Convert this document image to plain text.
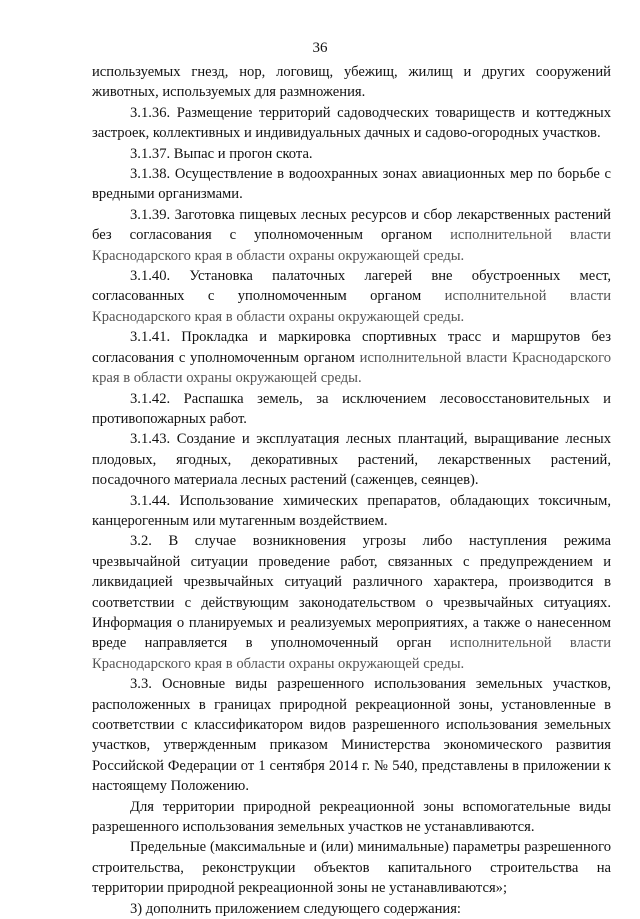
36

используемых гнезд, нор, логовищ, убежищ, жилищ и других сооружений животных, используемых для размножения.

3.1.36. Размещение территорий садоводческих товариществ и коттеджных застроек, коллективных и индивидуальных дачных и садово-огородных участков.

3.1.37. Выпас и прогон скота.

3.1.38. Осуществление в водоохранных зонах авиационных мер по борьбе с вредными организмами.

3.1.39. Заготовка пищевых лесных ресурсов и сбор лекарственных растений без согласования с уполномоченным органом исполнительной власти Краснодарского края в области охраны окружающей среды.

3.1.40. Установка палаточных лагерей вне обустроенных мест, согласованных с уполномоченным органом исполнительной власти Краснодарского края в области охраны окружающей среды.

3.1.41. Прокладка и маркировка спортивных трасс и маршрутов без согласования с уполномоченным органом исполнительной власти Краснодарского края в области охраны окружающей среды.

3.1.42. Распашка земель, за исключением лесовосстановительных и противопожарных работ.

3.1.43. Создание и эксплуатация лесных плантаций, выращивание лесных плодовых, ягодных, декоративных растений, лекарственных растений, посадочного материала лесных растений (саженцев, сеянцев).

3.1.44. Использование химических препаратов, обладающих токсичным, канцерогенным или мутагенным воздействием.

3.2. В случае возникновения угрозы либо наступления режима чрезвычайной ситуации проведение работ, связанных с предупреждением и ликвидацией чрезвычайных ситуаций различного характера, производится в соответствии с действующим законодательством о чрезвычайных ситуациях. Информация о планируемых и реализуемых мероприятиях, а также о нанесенном вреде направляется в уполномоченный орган исполнительной власти Краснодарского края в области охраны окружающей среды.

3.3. Основные виды разрешенного использования земельных участков, расположенных в границах природной рекреационной зоны, установленные в соответствии с классификатором видов разрешенного использования земельных участков, утвержденным приказом Министерства экономического развития Российской Федерации от 1 сентября 2014 г. № 540, представлены в приложении к настоящему Положению.

Для территории природной рекреационной зоны вспомогательные виды разрешенного использования земельных участков не устанавливаются.

Предельные (максимальные и (или) минимальные) параметры разрешенного строительства, реконструкции объектов капитального строительства на территории природной рекреационной зоны не устанавливаются»;

3) дополнить приложением следующего содержания:
